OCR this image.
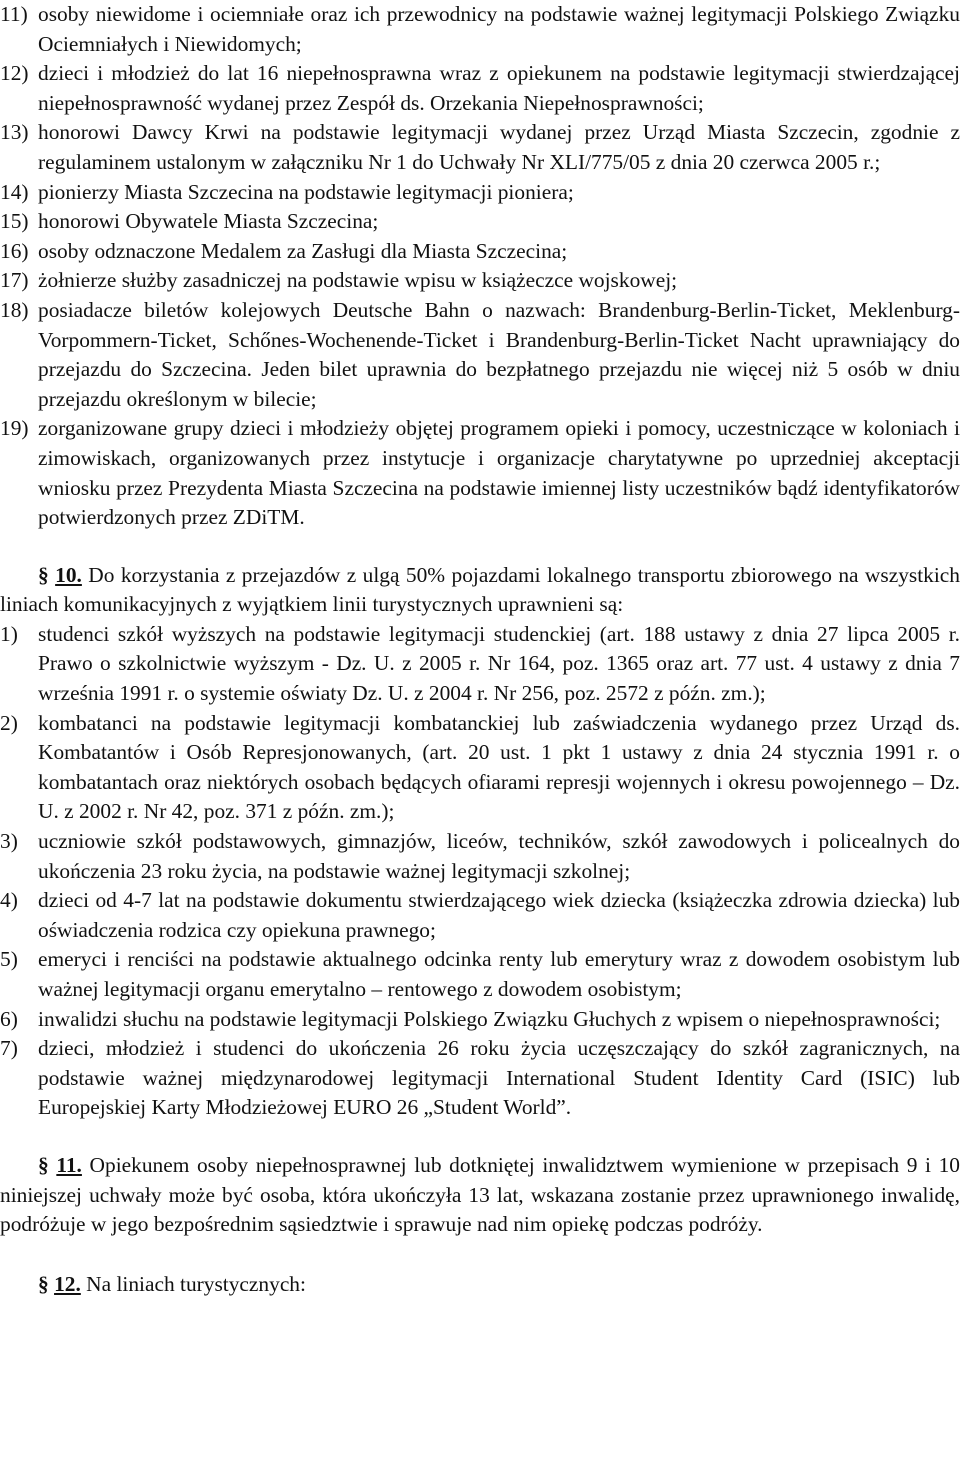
11) osoby niewidome i ociemniałe oraz ich przewodnicy na podstawie ważnej legitymacji Polskiego Związku Ociemniałych i Niewidomych;
12) dzieci i młodzież do lat 16 niepełnosprawna wraz z opiekunem na podstawie legitymacji stwierdzającej niepełnosprawność wydanej przez Zespół ds. Orzekania Niepełnosprawności;
13) honorowi Dawcy Krwi na podstawie legitymacji wydanej przez Urząd Miasta Szczecin, zgodnie z regulaminem ustalonym w załączniku Nr 1 do Uchwały Nr XLI/775/05 z dnia 20 czerwca 2005 r.;
14) pionierzy Miasta Szczecina na podstawie legitymacji pioniera;
15) honorowi Obywatele Miasta Szczecina;
16) osoby odznaczone Medalem za Zasługi dla Miasta Szczecina;
17) żołnierze służby zasadniczej na podstawie wpisu w książeczce wojskowej;
18) posiadacze biletów kolejowych Deutsche Bahn o nazwach: Brandenburg-Berlin-Ticket, Meklenburg-Vorpommern-Ticket, Schőnes-Wochenende-Ticket i Brandenburg-Berlin-Ticket Nacht uprawniający do przejazdu do Szczecina. Jeden bilet uprawnia do bezpłatnego przejazdu nie więcej niż 5 osób w dniu przejazdu określonym w bilecie;
19) zorganizowane grupy dzieci i młodzieży objętej programem opieki i pomocy, uczestniczące w koloniach i zimowiskach, organizowanych przez instytucje i organizacje charytatywne po uprzedniej akceptacji wniosku przez Prezydenta Miasta Szczecina na podstawie imiennej listy uczestników bądź identyfikatorów potwierdzonych przez ZDiTM.

§ 10. Do korzystania z przejazdów z ulgą 50% pojazdami lokalnego transportu zbiorowego na wszystkich liniach komunikacyjnych z wyjątkiem linii turystycznych uprawnieni są:

1) studenci szkół wyższych na podstawie legitymacji studenckiej (art. 188 ustawy z dnia 27 lipca 2005 r. Prawo o szkolnictwie wyższym - Dz. U. z 2005 r. Nr 164, poz. 1365 oraz art. 77 ust. 4 ustawy z dnia 7 września 1991 r. o systemie oświaty Dz. U. z 2004 r. Nr 256, poz. 2572 z późn. zm.);
2) kombatanci na podstawie legitymacji kombatanckiej lub zaświadczenia wydanego przez Urząd ds. Kombatantów i Osób Represjonowanych, (art. 20 ust. 1 pkt 1 ustawy z dnia 24 stycznia 1991 r. o kombatantach oraz niektórych osobach będących ofiarami represji wojennych i okresu powojennego – Dz. U. z 2002 r. Nr 42, poz. 371 z późn. zm.);
3) uczniowie szkół podstawowych, gimnazjów, liceów, techników, szkół zawodowych i policealnych do ukończenia 23 roku życia, na podstawie ważnej legitymacji szkolnej;
4) dzieci od 4-7 lat na podstawie dokumentu stwierdzającego wiek dziecka (książeczka zdrowia dziecka) lub oświadczenia rodzica czy opiekuna prawnego;
5) emeryci i renciści na podstawie aktualnego odcinka renty lub emerytury wraz z dowodem osobistym lub ważnej legitymacji organu emerytalno – rentowego z dowodem osobistym;
6) inwalidzi słuchu na podstawie legitymacji Polskiego Związku Głuchych z wpisem o niepełnosprawności;
7) dzieci, młodzież i studenci do ukończenia 26 roku życia uczęszczający do szkół zagranicznych, na podstawie ważnej międzynarodowej legitymacji International Student Identity Card (ISIC) lub Europejskiej Karty Młodzieżowej EURO 26 „Student World”.

§ 11. Opiekunem osoby niepełnosprawnej lub dotkniętej inwalidztwem wymienione w przepisach 9 i 10 niniejszej uchwały może być osoba, która ukończyła 13 lat, wskazana zostanie przez uprawnionego inwalidę, podróżuje w jego bezpośrednim sąsiedztwie i sprawuje nad nim opiekę podczas podróży.

§ 12. Na liniach turystycznych:
